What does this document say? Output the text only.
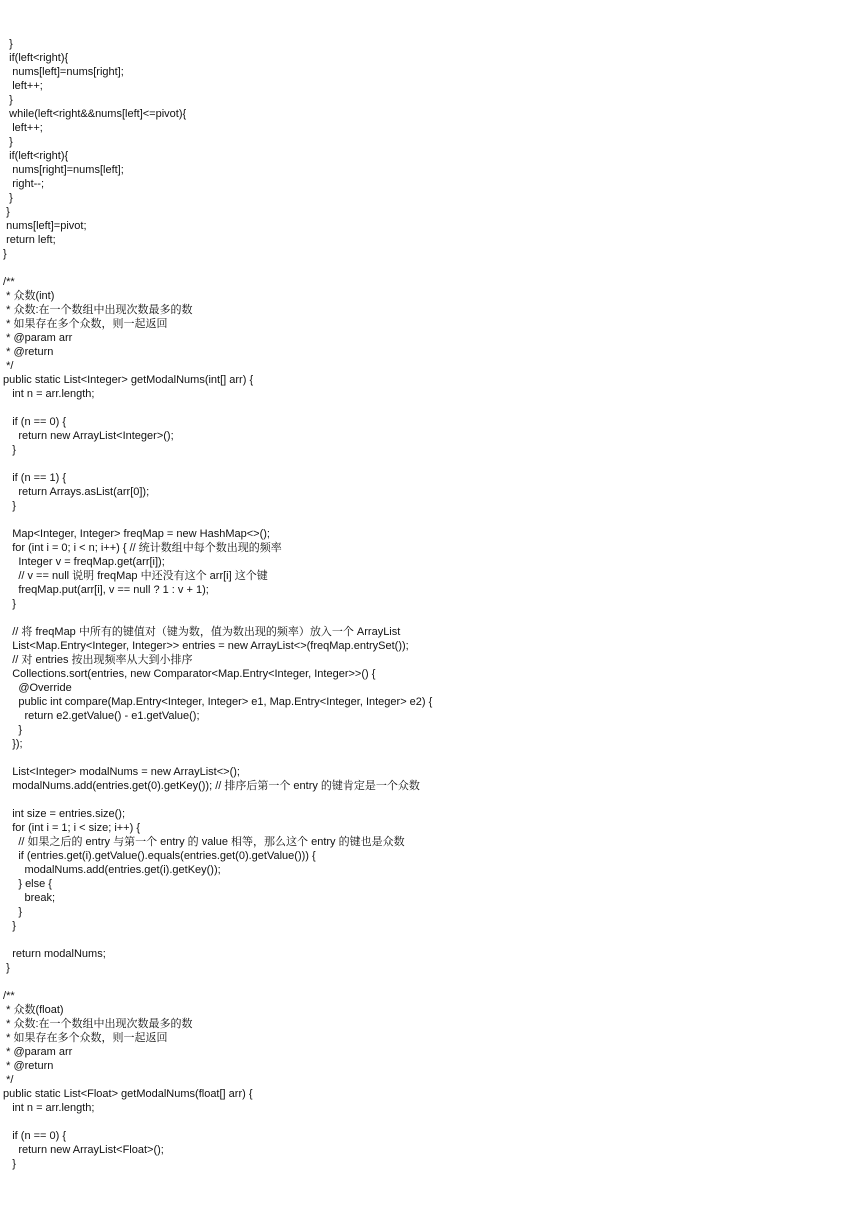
}
if(left<right){
nums[left]=nums[right];
left++;
}
while(left<right&&nums[left]<=pivot){
left++;
}
if(left<right){
nums[right]=nums[left];
right--;
}
}
nums[left]=pivot;
return left;
}
/**
* 众数(int)
* 众数:在一个数组中出现次数最多的数
* 如果存在多个众数，则一起返回
* @param arr
* @return
*/
public static List<Integer> getModalNums(int[] arr) {
int n = arr.length;
if (n == 0) {
return new ArrayList<Integer>();
}
if (n == 1) {
return Arrays.asList(arr[0]);
}
Map<Integer, Integer> freqMap = new HashMap<>();
for (int i = 0; i < n; i++) { // 统计数组中每个数出现的频率
Integer v = freqMap.get(arr[i]);
// v == null 说明 freqMap 中还没有这个 arr[i] 这个键
freqMap.put(arr[i], v == null ? 1 : v + 1);
}
// 将 freqMap 中所有的键值对（键为数，值为数出现的频率）放入一个 ArrayList
List<Map.Entry<Integer, Integer>> entries = new ArrayList<>(freqMap.entrySet());
// 对 entries 按出现频率从大到小排序
Collections.sort(entries, new Comparator<Map.Entry<Integer, Integer>>() {
@Override
public int compare(Map.Entry<Integer, Integer> e1, Map.Entry<Integer, Integer> e2) {
return e2.getValue() - e1.getValue();
}
});
List<Integer> modalNums = new ArrayList<>();
modalNums.add(entries.get(0).getKey()); // 排序后第一个 entry 的键肯定是一个众数
int size = entries.size();
for (int i = 1; i < size; i++) {
// 如果之后的 entry 与第一个 entry 的 value 相等，那么这个 entry 的键也是众数
if (entries.get(i).getValue().equals(entries.get(0).getValue())) {
modalNums.add(entries.get(i).getKey());
} else {
break;
}
}
return modalNums;
}
/**
* 众数(float)
* 众数:在一个数组中出现次数最多的数
* 如果存在多个众数，则一起返回
* @param arr
* @return
*/
public static List<Float> getModalNums(float[] arr) {
int n = arr.length;
if (n == 0) {
return new ArrayList<Float>();
}
